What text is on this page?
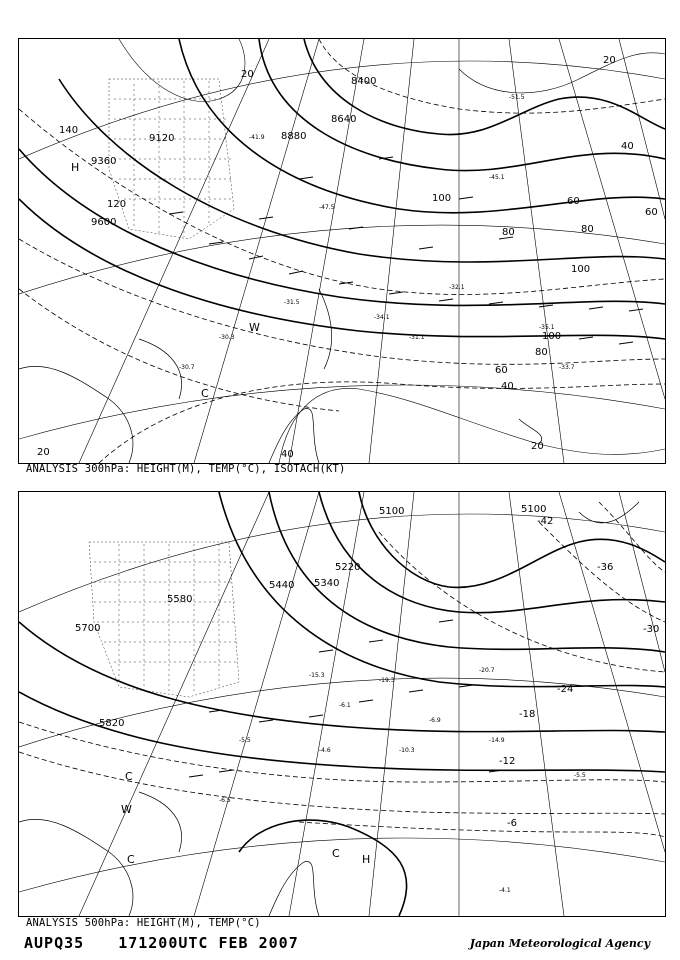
-31.5
-34.1
-32.1
-47.5
-45.1
-30.3
-35.1
-31.1
-30.7
-51.5
-41.9
-33.7
8400
8640
8880
9120
9360
9600
140
120
100
80
60
40
20
20
40
60
80
100
100
80
60
40
20
20
H
W
C
ANALYSIS 300hPa: HEIGHT(M), TEMP(°C), ISOTACH(KT)
-15.3
-19.3
-20.7
-6.1
-6.9
-5.5	-14.9
-10.3
-4.6
-5.5
-6.5
-4.1
5100
5220
5340
5440
5580
5700
5820
5100
-42
-36
-30
-24
-18
-12
-6
C
W
C	C H
ANALYSIS 500hPa: HEIGHT(M), TEMP(°C)
AUPQ35 171200UTC FEB 2007	Japan Meteorological Agency
